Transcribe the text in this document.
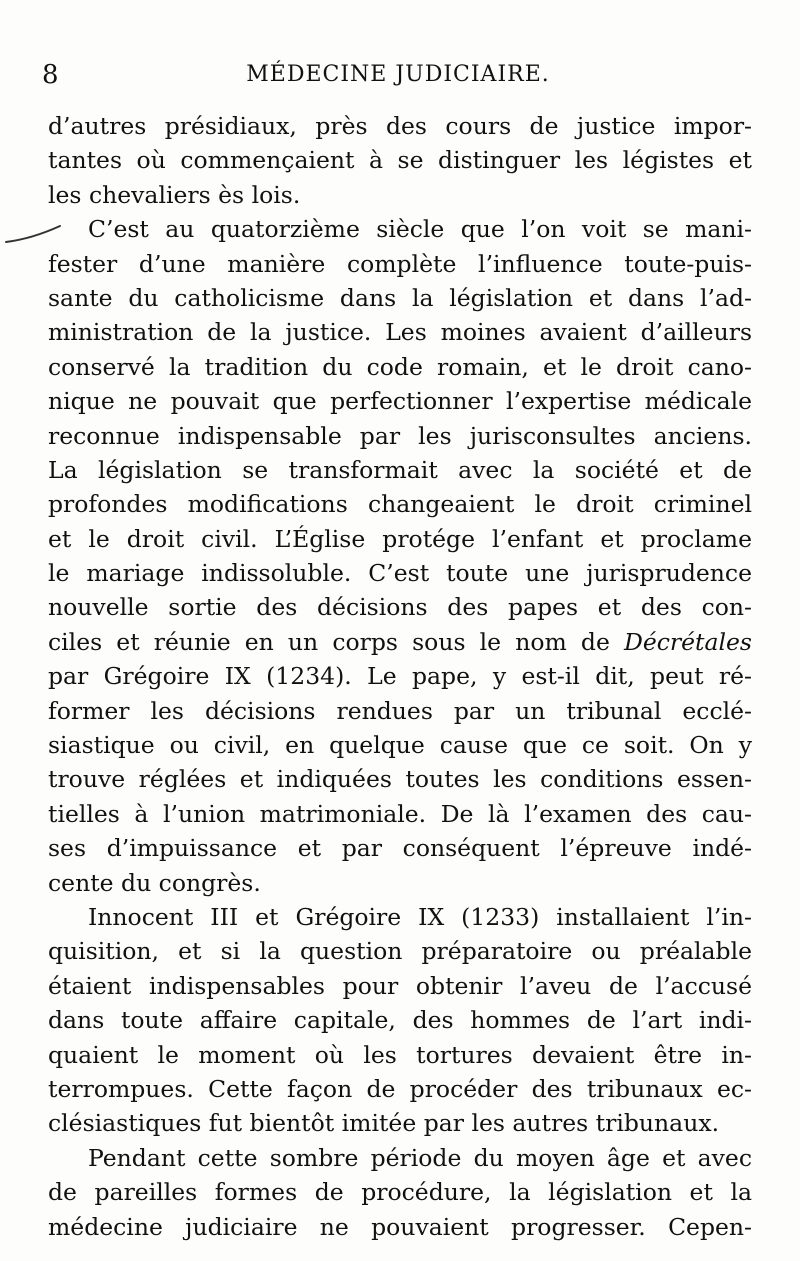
8	MÉDECINE JUDICIAIRE.
d’autres présidiaux, près des cours de justice impor-
tantes où commençaient à se distinguer les légistes et
les chevaliers ès lois.
C’est au quatorzième siècle que l’on voit se mani-
fester d’une manière complète l’influence toute-puis-
sante du catholicisme dans la législation et dans l’ad-
ministration de la justice. Les moines avaient d’ailleurs
conservé la tradition du code romain, et le droit cano-
nique ne pouvait que perfectionner l’expertise médicale
reconnue indispensable par les jurisconsultes anciens.
La législation se transformait avec la société et de
profondes modifications changeaient le droit criminel
et le droit civil. L’Église protége l’enfant et proclame
le mariage indissoluble. C’est toute une jurisprudence
nouvelle sortie des décisions des papes et des con-
ciles et réunie en un corps sous le nom de Décrétales
par Grégoire IX (1234). Le pape, y est-il dit, peut ré-
former les décisions rendues par un tribunal ecclé-
siastique ou civil, en quelque cause que ce soit. On y
trouve réglées et indiquées toutes les conditions essen-
tielles à l’union matrimoniale. De là l’examen des cau-
ses d’impuissance et par conséquent l’épreuve indé-
cente du congrès.
Innocent III et Grégoire IX (1233) installaient l’in-
quisition, et si la question préparatoire ou préalable
étaient indispensables pour obtenir l’aveu de l’accusé
dans toute affaire capitale, des hommes de l’art indi-
quaient le moment où les tortures devaient être in-
terrompues. Cette façon de procéder des tribunaux ec-
clésiastiques fut bientôt imitée par les autres tribunaux.
Pendant cette sombre période du moyen âge et avec
de pareilles formes de procédure, la législation et la
médecine judiciaire ne pouvaient progresser. Cepen-
